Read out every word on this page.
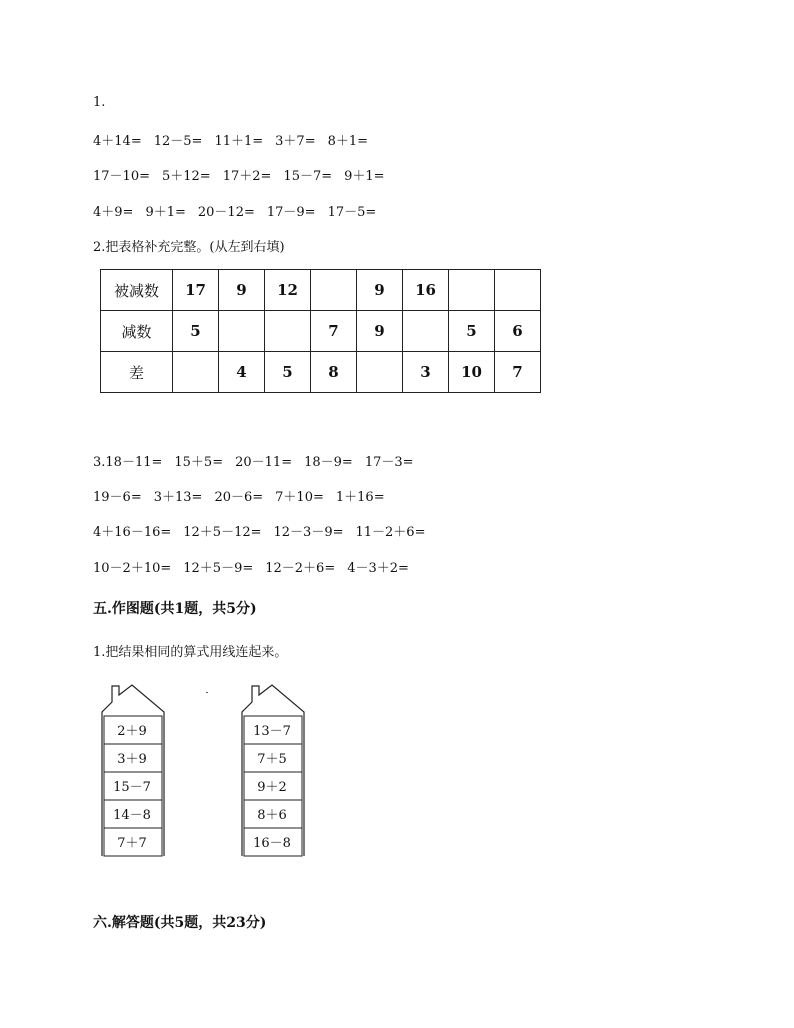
1.
4＋14= 12－5= 11＋1= 3＋7= 8＋1=
17－10= 5＋12= 17＋2= 15－7= 9＋1=
4＋9= 9＋1= 20－12= 17－9= 17－5=
2.把表格补充完整。(从左到右填)
被减数	17	9	12		9	16		
减数	5			7	9		5	6
差		4	5	8		3	10	7
3.18－11= 15＋5= 20－11= 18－9= 17－3=
19－6= 3＋13= 20－6= 7＋10= 1＋16=
4＋16－16= 12＋5－12= 12－3－9= 11－2＋6=
10－2＋10= 12＋5－9= 12－2＋6= 4－3＋2=
五.作图题(共1题，共5分)
1.把结果相同的算式用线连起来。
2＋9
3＋9
15－7
14－8
7＋7
13－7
7＋5
9＋2
8＋6
16－8
六.解答题(共5题，共23分)
